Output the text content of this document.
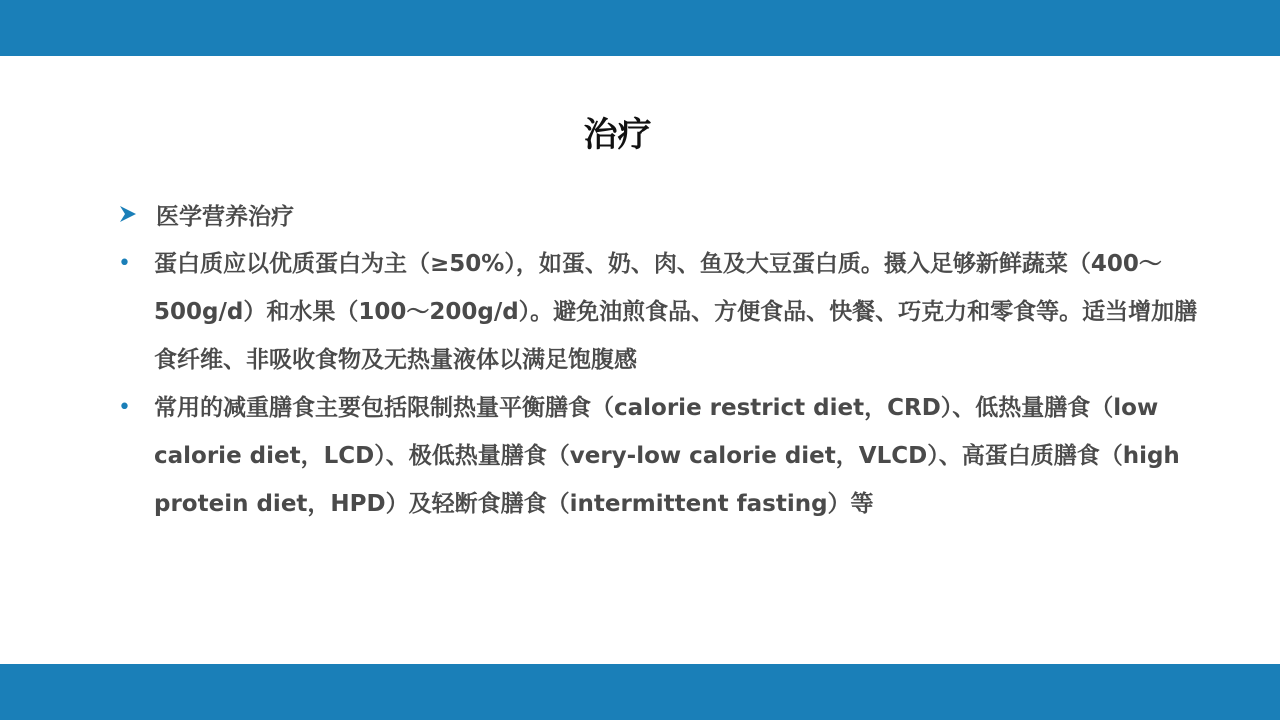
治疗
医学营养治疗
•	蛋白质应以优质蛋白为主（≥50%），如蛋、奶、肉、鱼及大豆蛋白质。摄入足够新鲜蔬菜（400～500g/d）和水果（100～200g/d）。避免油煎食品、方便食品、快餐、巧克力和零食等。适当增加膳食纤维、非吸收食物及无热量液体以满足饱腹感

•	常用的减重膳食主要包括限制热量平衡膳食（calorie restrict diet，CRD）、低热量膳食（low calorie diet，LCD）、极低热量膳食（very-low calorie diet，VLCD）、高蛋白质膳食（high protein diet，HPD）及轻断食膳食（intermittent fasting）等
